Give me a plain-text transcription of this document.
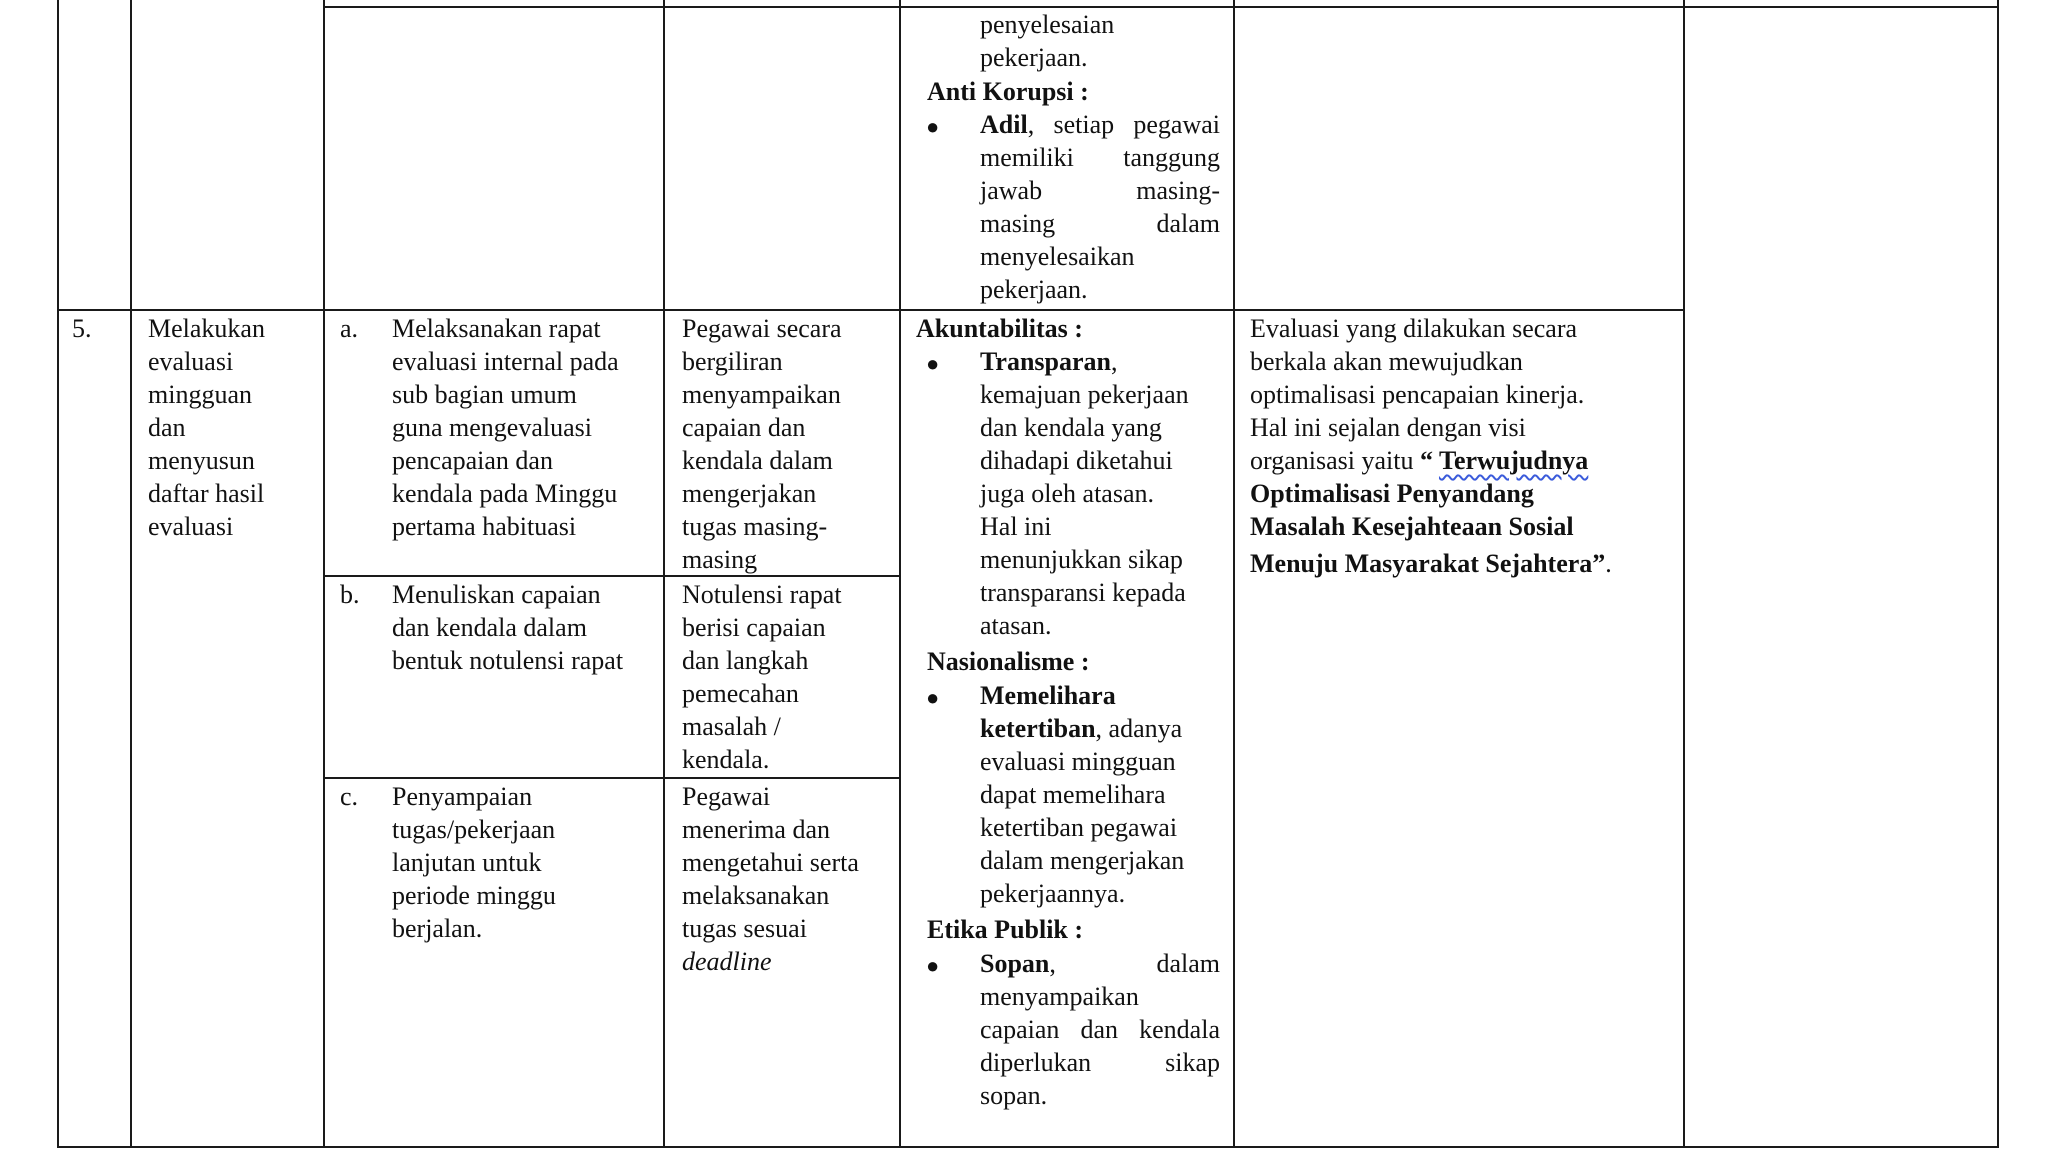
penyelesaian
pekerjaan.
Anti Korupsi :
● Adil, setiap pegawai
memiliki tanggung
jawab masing-
masing dalam
menyelesaikan
pekerjaan.
5. Melakukan
evaluasi
mingguan
dan
menyusun
daftar hasil
evaluasi
a. Melaksanakan rapat
evaluasi internal pada
sub bagian umum
guna mengevaluasi
pencapaian dan
kendala pada Minggu
pertama habituasi
b. Menuliskan capaian
dan kendala dalam
bentuk notulensi rapat
c. Penyampaian
tugas/pekerjaan
lanjutan untuk
periode minggu
berjalan.
Pegawai secara
bergiliran
menyampaikan
capaian dan
kendala dalam
mengerjakan
tugas masing-
masing
Notulensi rapat
berisi capaian
dan langkah
pemecahan
masalah /
kendala.
Pegawai
menerima dan
mengetahui serta
melaksanakan
tugas sesuai
deadline
Akuntabilitas :
● Transparan,
kemajuan pekerjaan
dan kendala yang
dihadapi diketahui
juga oleh atasan.
Hal ini
menunjukkan sikap
transparansi kepada
atasan.
Nasionalisme :
● Memelihara
ketertiban, adanya
evaluasi mingguan
dapat memelihara
ketertiban pegawai
dalam mengerjakan
pekerjaannya.
Etika Publik :
● Sopan, dalam
menyampaikan
capaian dan kendala
diperlukan sikap
sopan.
Evaluasi yang dilakukan secara
berkala akan mewujudkan
optimalisasi pencapaian kinerja.
Hal ini sejalan dengan visi
organisasi yaitu “ Terwujudnya
Optimalisasi Penyandang
Masalah Kesejahteaan Sosial
Menuju Masyarakat Sejahtera”.
